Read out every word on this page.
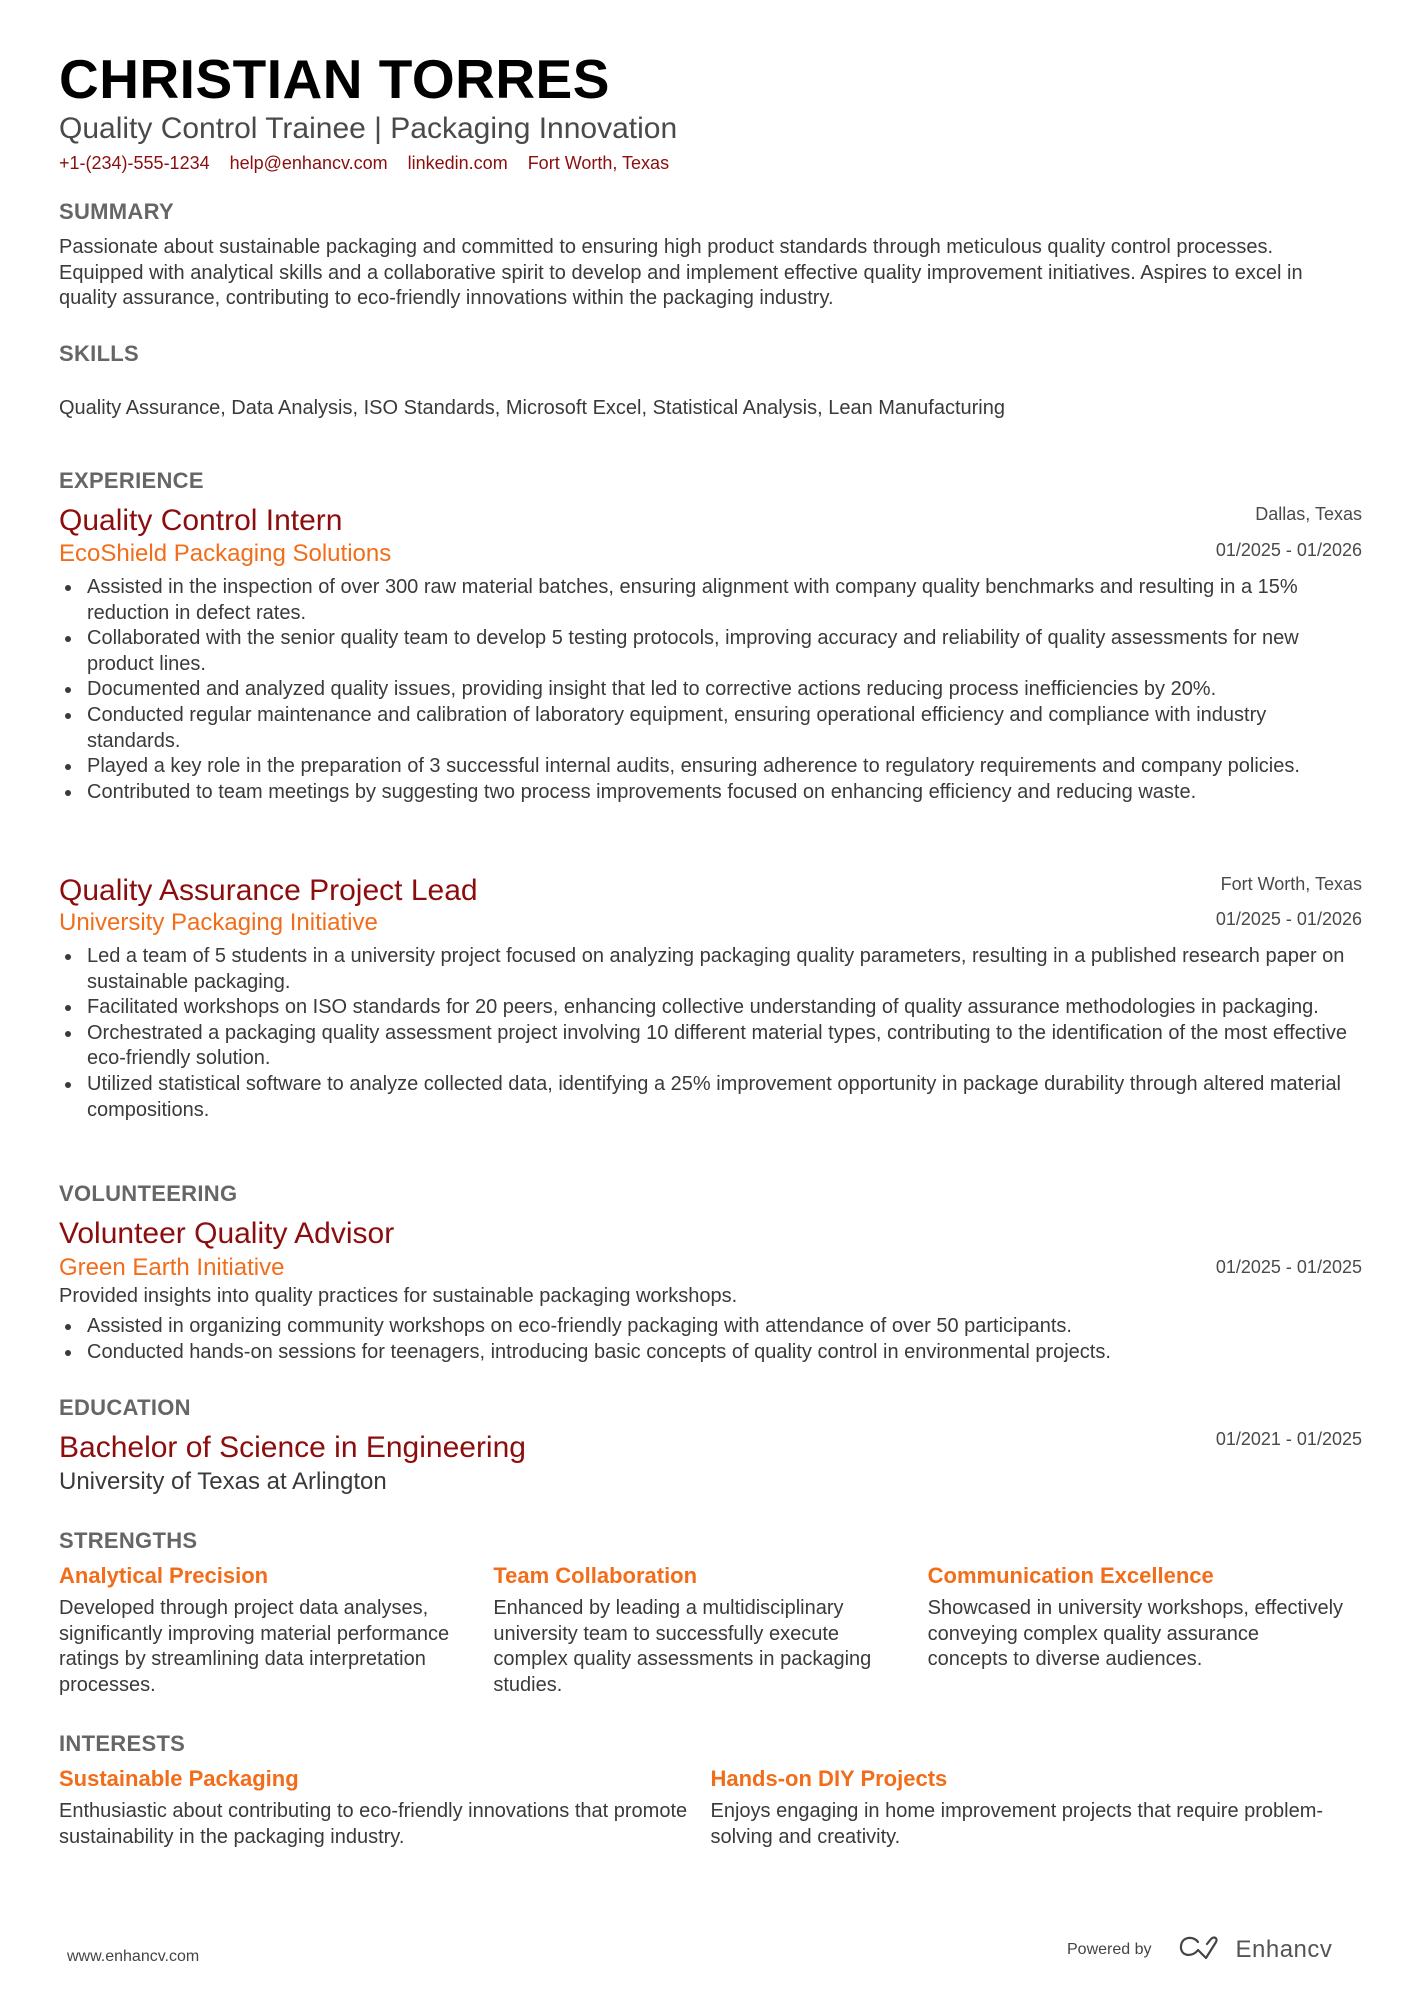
CHRISTIAN TORRES
Quality Control Trainee | Packaging Innovation
+1-(234)-555-1234 help@enhancv.com linkedin.com Fort Worth, Texas
SUMMARY
Passionate about sustainable packaging and committed to ensuring high product standards through meticulous quality control processes. Equipped with analytical skills and a collaborative spirit to develop and implement effective quality improvement initiatives. Aspires to excel in quality assurance, contributing to eco-friendly innovations within the packaging industry.
SKILLS
Quality Assurance, Data Analysis, ISO Standards, Microsoft Excel, Statistical Analysis, Lean Manufacturing
EXPERIENCE
Quality Control Intern	Dallas, Texas
EcoShield Packaging Solutions	01/2025 - 01/2026
Assisted in the inspection of over 300 raw material batches, ensuring alignment with company quality benchmarks and resulting in a 15% reduction in defect rates.
Collaborated with the senior quality team to develop 5 testing protocols, improving accuracy and reliability of quality assessments for new product lines.
Documented and analyzed quality issues, providing insight that led to corrective actions reducing process inefficiencies by 20%.
Conducted regular maintenance and calibration of laboratory equipment, ensuring operational efficiency and compliance with industry standards.
Played a key role in the preparation of 3 successful internal audits, ensuring adherence to regulatory requirements and company policies.
Contributed to team meetings by suggesting two process improvements focused on enhancing efficiency and reducing waste.
Quality Assurance Project Lead	Fort Worth, Texas
University Packaging Initiative	01/2025 - 01/2026
Led a team of 5 students in a university project focused on analyzing packaging quality parameters, resulting in a published research paper on sustainable packaging.
Facilitated workshops on ISO standards for 20 peers, enhancing collective understanding of quality assurance methodologies in packaging.
Orchestrated a packaging quality assessment project involving 10 different material types, contributing to the identification of the most effective eco-friendly solution.
Utilized statistical software to analyze collected data, identifying a 25% improvement opportunity in package durability through altered material compositions.
VOLUNTEERING
Volunteer Quality Advisor
Green Earth Initiative	01/2025 - 01/2025
Provided insights into quality practices for sustainable packaging workshops.
Assisted in organizing community workshops on eco-friendly packaging with attendance of over 50 participants.
Conducted hands-on sessions for teenagers, introducing basic concepts of quality control in environmental projects.
EDUCATION
Bachelor of Science in Engineering	01/2021 - 01/2025
University of Texas at Arlington
STRENGTHS
Analytical Precision
Developed through project data analyses, significantly improving material performance ratings by streamlining data interpretation processes.
Team Collaboration
Enhanced by leading a multidisciplinary university team to successfully execute complex quality assessments in packaging studies.
Communication Excellence
Showcased in university workshops, effectively conveying complex quality assurance concepts to diverse audiences.
INTERESTS
Sustainable Packaging
Enthusiastic about contributing to eco-friendly innovations that promote sustainability in the packaging industry.
Hands-on DIY Projects
Enjoys engaging in home improvement projects that require problem-solving and creativity.
www.enhancv.com	Powered by	Enhancv
